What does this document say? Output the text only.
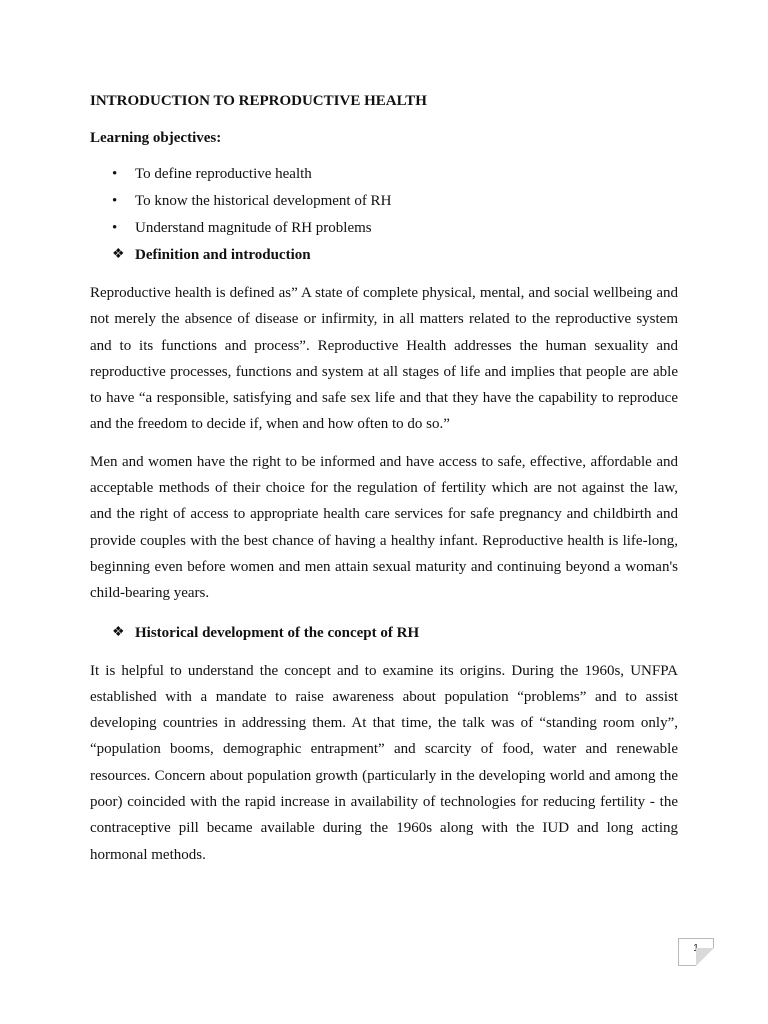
INTRODUCTION TO REPRODUCTIVE HEALTH
Learning objectives:
• To define reproductive health
• To know the historical development of RH
• Understand magnitude of RH problems
❖ Definition and introduction

Reproductive health is defined as” A state of complete physical, mental, and social wellbeing and not merely the absence of disease or infirmity, in all matters related to the reproductive system and to its functions and process”. Reproductive Health addresses the human sexuality and reproductive processes, functions and system at all stages of life and implies that people are able to have “a responsible, satisfying and safe sex life and that they have the capability to reproduce and the freedom to decide if, when and how often to do so.”

Men and women have the right to be informed and have access to safe, effective, affordable and acceptable methods of their choice for the regulation of fertility which are not against the law, and the right of access to appropriate health care services for safe pregnancy and childbirth and provide couples with the best chance of having a healthy infant. Reproductive health is life-long, beginning even before women and men attain sexual maturity and continuing beyond a woman's child-bearing years.

❖ Historical development of the concept of RH

It is helpful to understand the concept and to examine its origins. During the 1960s, UNFPA established with a mandate to raise awareness about population “problems” and to assist developing countries in addressing them. At that time, the talk was of “standing room only”, “population booms, demographic entrapment” and scarcity of food, water and renewable resources. Concern about population growth (particularly in the developing world and among the poor) coincided with the rapid increase in availability of technologies for reducing fertility - the contraceptive pill became available during the 1960s along with the IUD and long acting hormonal methods.

1
